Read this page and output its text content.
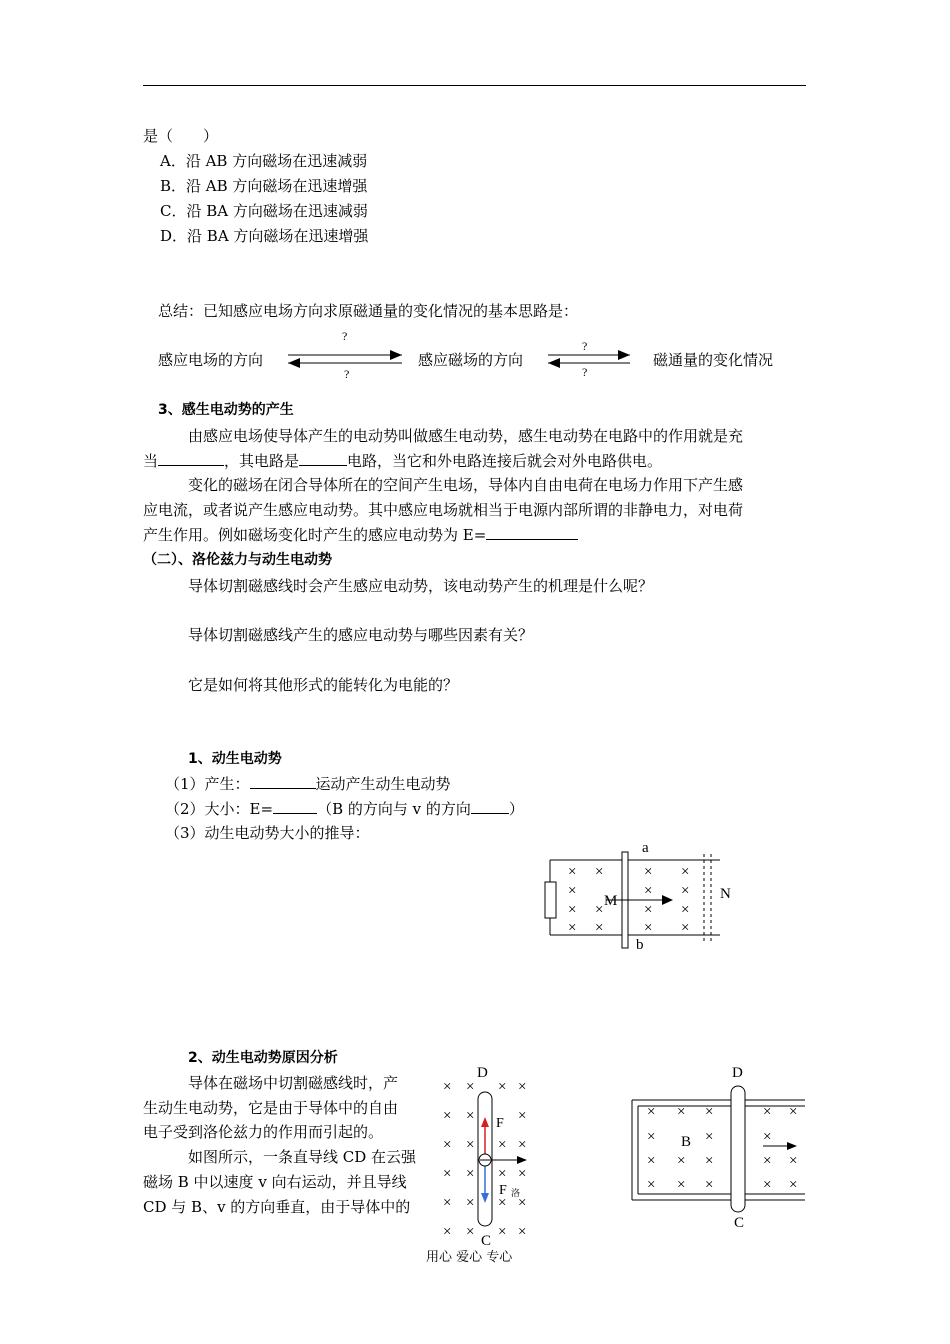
是（　　）
A．沿 AB 方向磁场在迅速减弱
B．沿 AB 方向磁场在迅速增强
C．沿 BA 方向磁场在迅速减弱
D．沿 BA 方向磁场在迅速增强
总结：已知感应电场方向求原磁通量的变化情况的基本思路是：
感应电场的方向	感应磁场的方向	磁通量的变化情况
?
?
?
?
3、感生电动势的产生
由感应电场使导体产生的电动势叫做感生电动势，感生电动势在电路中的作用就是充
当	，其电路是	电路，当它和外电路连接后就会对外电路供电。
变化的磁场在闭合导体所在的空间产生电场，导体内自由电荷在电场力作用下产生感
应电流，或者说产生感应电动势。其中感应电场就相当于电源内部所谓的非静电力，对电荷
产生作用。例如磁场变化时产生的感应电动势为 E=
（二）、洛伦兹力与动生电动势
导体切割磁感线时会产生感应电动势，该电动势产生的机理是什么呢？
导体切割磁感线产生的感应电动势与哪些因素有关？
它是如何将其他形式的能转化为电能的？
1、动生电动势
（1）产生：	运动产生动生电动势
（2）大小：E=	（B 的方向与 v 的方向	）
（3）动生电动势大小的推导：
×
×
×
×
×
×
×
×
×
×
×
×
×
×
×
a
b
M	N
2、动生电动势原因分析
导体在磁场中切割磁感线时，产
生动生电动势，它是由于导体中的自由
电子受到洛伦兹力的作用而引起的。
如图所示，一条直导线 CD 在云强
磁场 B 中以速度 v 向右运动，并且导线
CD 与 B、v 的方向垂直，由于导体中的
× × × ×
× ×	×
× × × ×
× × × ×
× × × ×
× × × ×
D
C
F
F 洛
× × ×	× ×
×	×	×
× × ×	× ×
× × ×	× ×
B
D
C
用心 爱心 专心
